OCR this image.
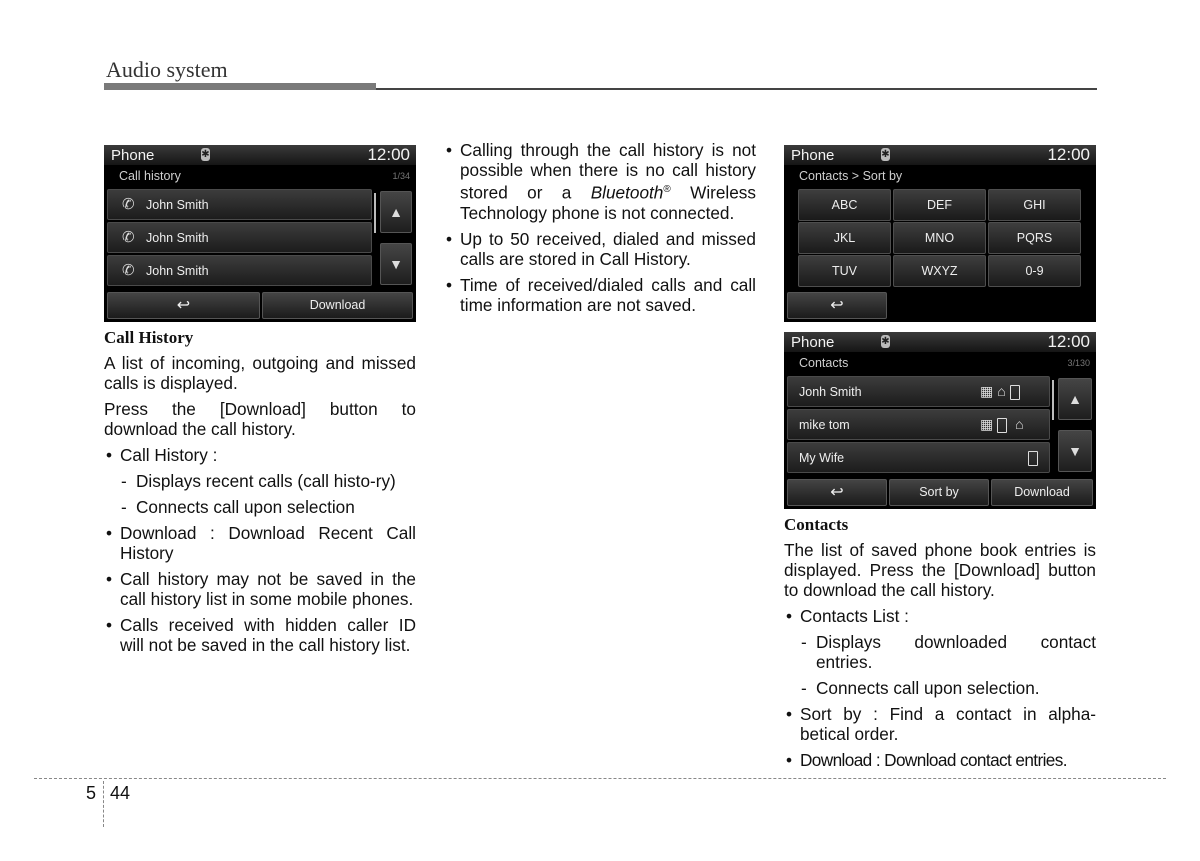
Audio system
Phone	✱	12:00
Call history	1/34
✆ John Smith
✆ John Smith
✆ John Smith
▲
▼
↩	Download

Call History

A list of incoming, outgoing and missed calls is displayed.

Press the [Download] button to download the call history.

• Call History :
- Displays recent calls (call histo-ry)
- Connects call upon selection
• Download : Download Recent Call History
• Call history may not be saved in the call history list in some mobile phones.
• Calls received with hidden caller ID will not be saved in the call history list.
• Calling through the call history is not possible when there is no call history stored or a Bluetooth® Wireless Technology phone is not connected.
• Up to 50 received, dialed and missed calls are stored in Call History.
• Time of received/dialed calls and call time information are not saved.
Phone	✱	12:00
Contacts > Sort by
ABC	DEF	GHI
JKL	MNO	PQRS
TUV	WXYZ	0-9
↩
Phone	✱	12:00
Contacts	3/130
Jonh Smith	▦⌂
mike tom	▦ ⌂
My Wife
▲
▼
↩	Sort by	Download

Contacts

The list of saved phone book entries is displayed. Press the [Download] button to download the call history.

• Contacts List :
- Displays downloaded contact entries.
- Connects call upon selection.
• Sort by : Find a contact in alpha-betical order.
• Download : Download contact entries.
5 44
